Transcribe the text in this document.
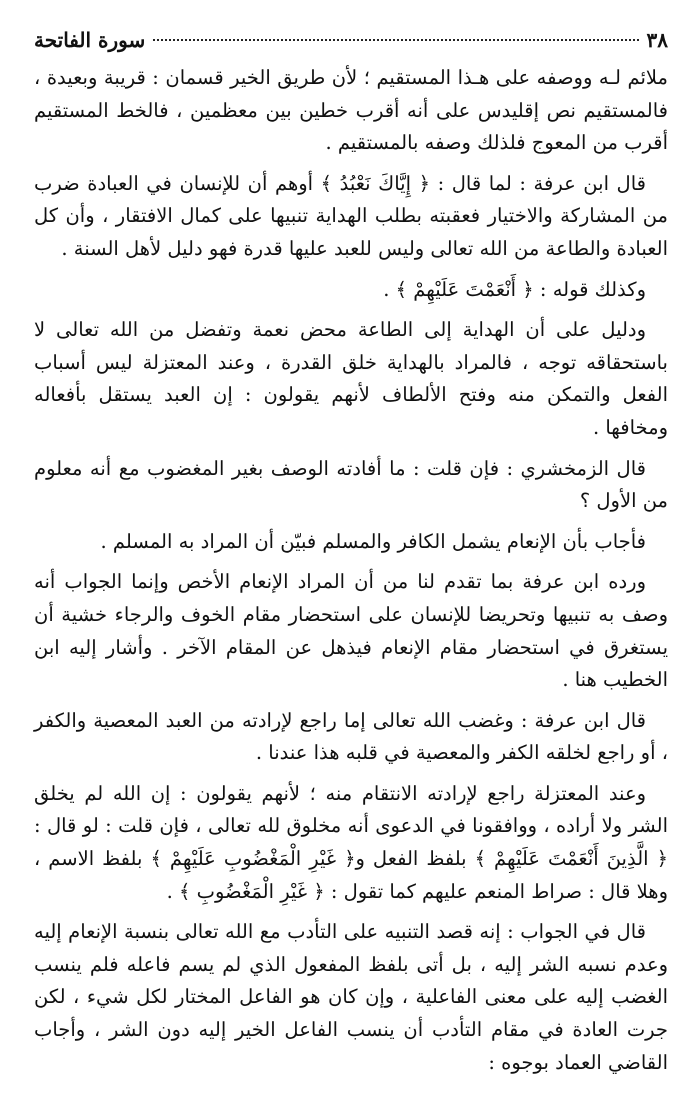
٣٨
سورة الفاتحة

ملائم لـه ووصفه على هـذا المستقيم ؛ لأن طريق الخير قسمان : قريبة وبعيدة ، فالمستقيم نص إقليدس على أنه أقرب خطين بين معظمين ، فالخط المستقيم أقرب من المعوج فلذلك وصفه بالمستقيم .

قال ابن عرفة : لما قال : ﴿ إِيَّاكَ نَعْبُدُ ﴾ أوهم أن للإنسان في العبادة ضرب من المشاركة والاختيار فعقبته بطلب الهداية تنبيها على كمال الافتقار ، وأن كل العبادة والطاعة من الله تعالى وليس للعبد عليها قدرة فهو دليل لأهل السنة .

وكذلك قوله : ﴿ أَنْعَمْتَ عَلَيْهِمْ ﴾ .

ودليل على أن الهداية إلى الطاعة محض نعمة وتفضل من الله تعالى لا باستحقاقه توجه ، فالمراد بالهداية خلق القدرة ، وعند المعتزلة ليس أسباب الفعل والتمكن منه وفتح الألطاف لأنهم يقولون : إن العبد يستقل بأفعاله ومخافها .

قال الزمخشري : فإن قلت : ما أفادته الوصف بغير المغضوب مع أنه معلوم من الأول ؟

فأجاب بأن الإنعام يشمل الكافر والمسلم فبيّن أن المراد به المسلم .

ورده ابن عرفة بما تقدم لنا من أن المراد الإنعام الأخص وإنما الجواب أنه وصف به تنبيها وتحريضا للإنسان على استحضار مقام الخوف والرجاء خشية أن يستغرق في استحضار مقام الإنعام فيذهل عن المقام الآخر . وأشار إليه ابن الخطيب هنا .

قال ابن عرفة : وغضب الله تعالى إما راجع لإرادته من العبد المعصية والكفر ، أو راجع لخلقه الكفر والمعصية في قلبه هذا عندنا .

وعند المعتزلة راجع لإرادته الانتقام منه ؛ لأنهم يقولون : إن الله لم يخلق الشر ولا أراده ، ووافقونا في الدعوى أنه مخلوق لله تعالى ، فإن قلت : لو قال : ﴿ الَّذِينَ أَنْعَمْتَ عَلَيْهِمْ ﴾ بلفظ الفعل و﴿ غَيْرِ الْمَغْضُوبِ عَلَيْهِمْ ﴾ بلفظ الاسم ، وهلا قال : صراط المنعم عليهم كما تقول : ﴿ غَيْرِ الْمَغْضُوبِ ﴾ .

قال في الجواب : إنه قصد التنبيه على التأدب مع الله تعالى بنسبة الإنعام إليه وعدم نسبه الشر إليه ، بل أتى بلفظ المفعول الذي لم يسم فاعله فلم ينسب الغضب إليه على معنى الفاعلية ، وإن كان هو الفاعل المختار لكل شيء ، لكن جرت العادة في مقام التأدب أن ينسب الفاعل الخير إليه دون الشر ، وأجاب القاضي العماد بوجوه :
